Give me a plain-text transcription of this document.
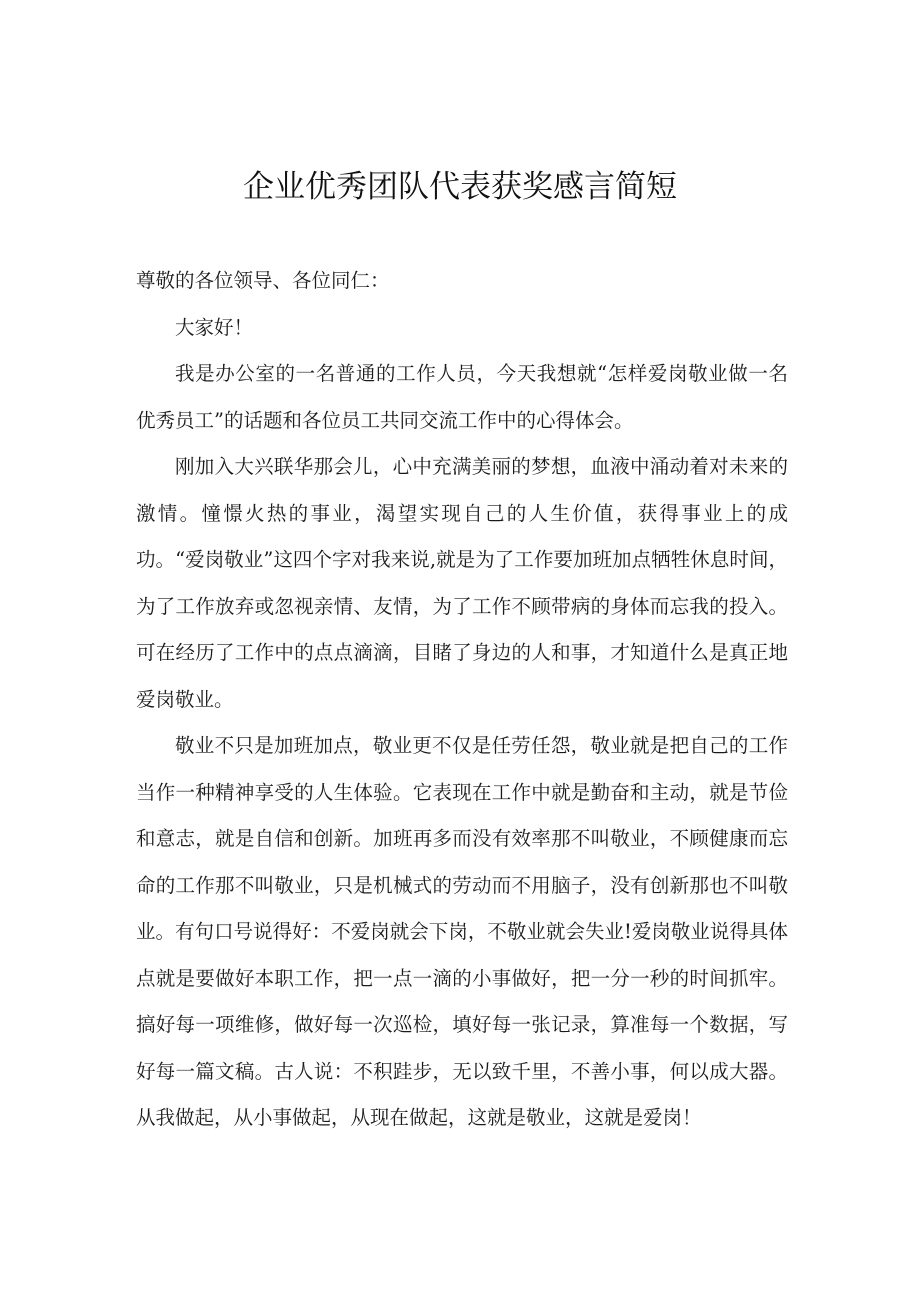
企业优秀团队代表获奖感言简短

尊敬的各位领导、各位同仁：

大家好！

我是办公室的一名普通的工作人员，今天我想就“怎样爱岗敬业做一名优秀员工”的话题和各位员工共同交流工作中的心得体会。

刚加入大兴联华那会儿，心中充满美丽的梦想，血液中涌动着对未来的激情。憧憬火热的事业，渴望实现自己的人生价值，获得事业上的成功。“爱岗敬业”这四个字对我来说,就是为了工作要加班加点牺牲休息时间，为了工作放弃或忽视亲情、友情，为了工作不顾带病的身体而忘我的投入。可在经历了工作中的点点滴滴，目睹了身边的人和事，才知道什么是真正地爱岗敬业。

敬业不只是加班加点，敬业更不仅是任劳任怨，敬业就是把自己的工作当作一种精神享受的人生体验。它表现在工作中就是勤奋和主动，就是节俭和意志，就是自信和创新。加班再多而没有效率那不叫敬业，不顾健康而忘命的工作那不叫敬业，只是机械式的劳动而不用脑子，没有创新那也不叫敬业。有句口号说得好：不爱岗就会下岗，不敬业就会失业!爱岗敬业说得具体点就是要做好本职工作，把一点一滴的小事做好，把一分一秒的时间抓牢。搞好每一项维修，做好每一次巡检，填好每一张记录，算准每一个数据，写好每一篇文稿。古人说：不积跬步，无以致千里，不善小事，何以成大器。从我做起，从小事做起，从现在做起，这就是敬业，这就是爱岗！
